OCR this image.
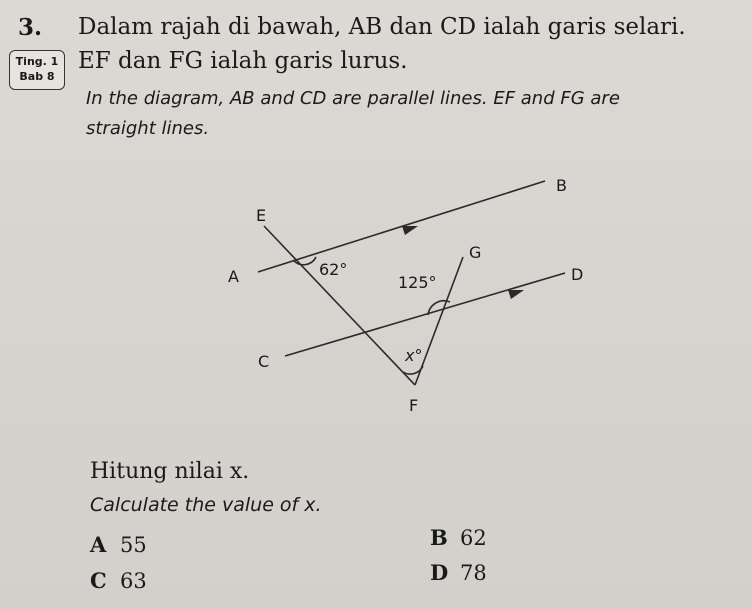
3. Dalam rajah di bawah, AB dan CD ialah garis selari.
EF dan FG ialah garis lurus.
Ting. 1
Bab 8
In the diagram, AB and CD are parallel lines. EF and FG are
straight lines.
A
B
C
D
E
F
G
62°
125°
x°
Hitung nilai x.
Calculate the value of x.
A 55	B 62
C 63	D 78
